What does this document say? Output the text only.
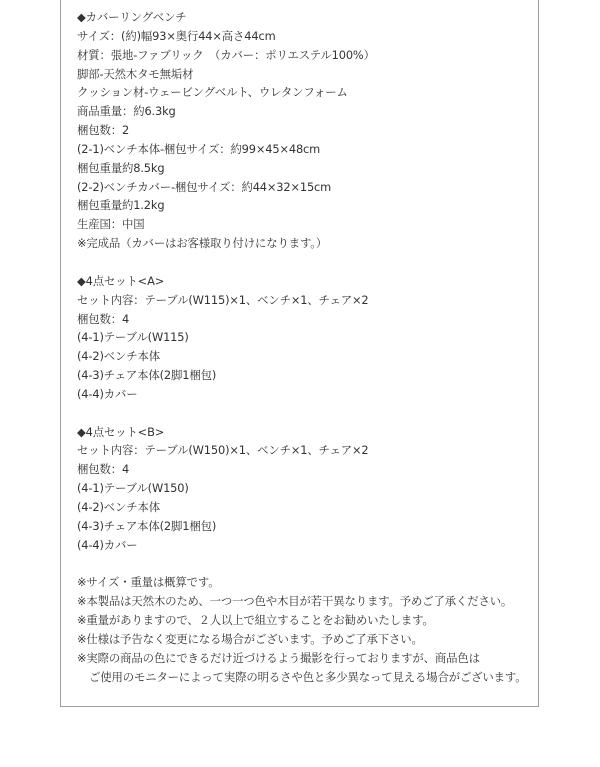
◆カバーリングベンチ
サイズ：(約)幅93×奥行44×高さ44cm
材質：張地-ファブリック　（カバー：ポリエステル100%）
脚部-天然木タモ無垢材
クッション材-ウェービングベルト、ウレタンフォーム
商品重量：約6.3kg
梱包数：2
(2-1)ベンチ本体-梱包サイズ：約99×45×48cm
梱包重量約8.5kg
(2-2)ベンチカバー-梱包サイズ：約44×32×15cm
梱包重量約1.2kg
生産国：中国
※完成品（カバーはお客様取り付けになります。）
◆4点セット<A>
セット内容：テーブル(W115)×1、ベンチ×1、チェア×2
梱包数：4
(4-1)テーブル(W115)
(4-2)ベンチ本体
(4-3)チェア本体(2脚1梱包)
(4-4)カバー
◆4点セット<B>
セット内容：テーブル(W150)×1、ベンチ×1、チェア×2
梱包数：4
(4-1)テーブル(W150)
(4-2)ベンチ本体
(4-3)チェア本体(2脚1梱包)
(4-4)カバー
※サイズ・重量は概算です。
※本製品は天然木のため、一つ一つ色や木目が若干異なります。予めご了承ください。
※重量がありますので、２人以上で組立することをお勧めいたします。
※仕様は予告なく変更になる場合がございます。予めご了承下さい。
※実際の商品の色にできるだけ近づけるよう撮影を行っておりますが、商品色は
ご使用のモニターによって実際の明るさや色と多少異なって見える場合がございます。
